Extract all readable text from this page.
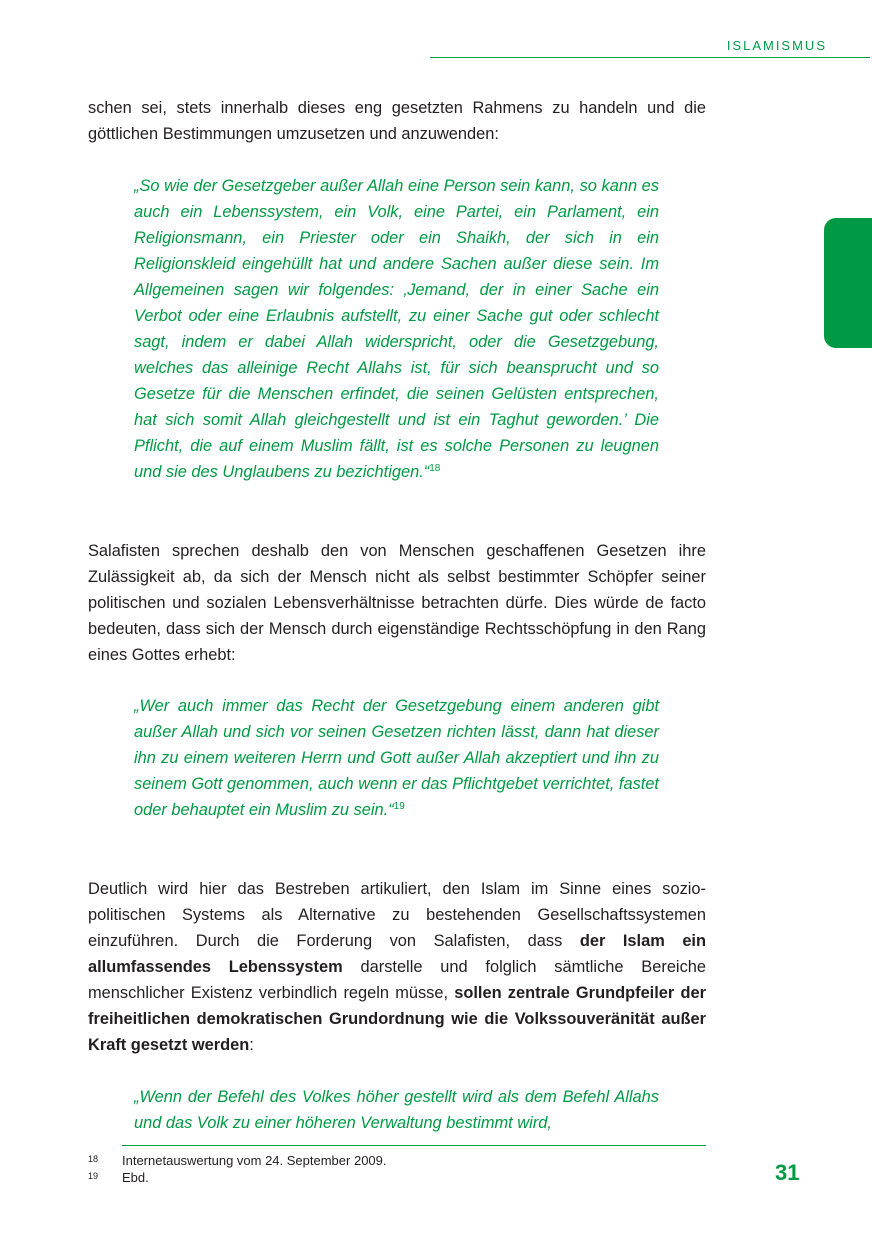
ISLAMISMUS

schen sei, stets innerhalb dieses eng gesetzten Rahmens zu handeln und die göttlichen Bestimmungen umzusetzen und anzuwenden:

„So wie der Gesetzgeber außer Allah eine Person sein kann, so kann es auch ein Lebenssystem, ein Volk, eine Partei, ein Parlament, ein Religionsmann, ein Priester oder ein Shaikh, der sich in ein Religionskleid eingehüllt hat und andere Sachen außer diese sein. Im Allgemeinen sagen wir folgendes: ‚Jemand, der in einer Sache ein Verbot oder eine Erlaubnis aufstellt, zu einer Sache gut oder schlecht sagt, indem er dabei Allah widerspricht, oder die Gesetzgebung, welches das alleinige Recht Allahs ist, für sich beansprucht und so Gesetze für die Menschen erfindet, die seinen Gelüsten entsprechen, hat sich somit Allah gleichgestellt und ist ein Taghut geworden.’ Die Pflicht, die auf einem Muslim fällt, ist es solche Personen zu leugnen und sie des Unglaubens zu bezichtigen.“$^{18}$

Salafisten sprechen deshalb den von Menschen geschaffenen Gesetzen ihre Zulässigkeit ab, da sich der Mensch nicht als selbst bestimmter Schöpfer seiner politischen und sozialen Lebensverhältnisse betrachten dürfe. Dies würde de facto bedeuten, dass sich der Mensch durch eigenständige Rechtsschöpfung in den Rang eines Gottes erhebt:

„Wer auch immer das Recht der Gesetzgebung einem anderen gibt außer Allah und sich vor seinen Gesetzen richten lässt, dann hat dieser ihn zu einem weiteren Herrn und Gott außer Allah akzeptiert und ihn zu seinem Gott genommen, auch wenn er das Pflichtgebet verrichtet, fastet oder behauptet ein Muslim zu sein.“$^{19}$

Deutlich wird hier das Bestreben artikuliert, den Islam im Sinne eines sozio-politischen Systems als Alternative zu bestehenden Gesellschaftssystemen einzuführen. Durch die Forderung von Salafisten, dass der Islam ein allumfassendes Lebenssystem darstelle und folglich sämtliche Bereiche menschlicher Existenz verbindlich regeln müsse, sollen zentrale Grundpfeiler der freiheitlichen demokratischen Grundordnung wie die Volkssouveränität außer Kraft gesetzt werden:

„Wenn der Befehl des Volkes höher gestellt wird als dem Befehl Allahs und das Volk zu einer höheren Verwaltung bestimmt wird,

18 Internetauswertung vom 24. September 2009.
19 Ebd.	31
